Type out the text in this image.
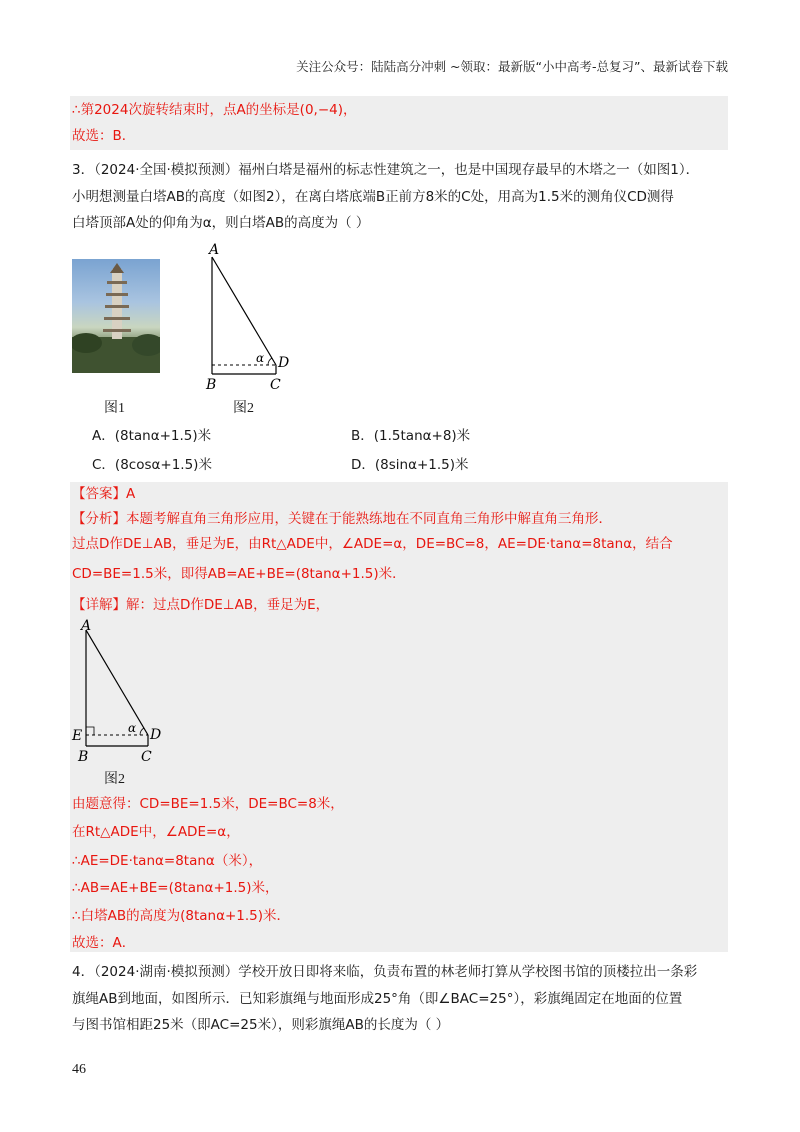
关注公众号：陆陆高分冲刺 ~领取：最新版“小中高考-总复习”、最新试卷下载
∴第2024次旋转结束时，点A的坐标是(0,−4)，
故选：B．
3．（2024·全国·模拟预测）福州白塔是福州的标志性建筑之一，也是中国现存最早的木塔之一（如图1）．
小明想测量白塔AB的高度（如图2），在离白塔底端B正前方8米的C处，用高为1.5米的测角仪CD测得
白塔顶部A处的仰角为α，则白塔AB的高度为（ ）
图1
A
B	C
D
α
图2
A．(8tanα+1.5)米	B．(1.5tanα+8)米
C．(8cosα+1.5)米	D．(8sinα+1.5)米
【答案】A
【分析】本题考解直角三角形应用，关键在于能熟练地在不同直角三角形中解直角三角形．
过点D作DE⊥AB，垂足为E，由Rt△ADE中，∠ADE=α，DE=BC=8，AE=DE·tanα=8tanα，结合
CD=BE=1.5米，即得AB=AE+BE=(8tanα+1.5)米．
【详解】解：过点D作DE⊥AB，垂足为E，
A
E
B	C
D
α
图2
由题意得：CD=BE=1.5米，DE=BC=8米，
在Rt△ADE中，∠ADE=α，
∴AE=DE·tanα=8tanα（米），
∴AB=AE+BE=(8tanα+1.5)米，
∴白塔AB的高度为(8tanα+1.5)米．
故选：A．
4．（2024·湖南·模拟预测）学校开放日即将来临，负责布置的林老师打算从学校图书馆的顶楼拉出一条彩
旗绳AB到地面，如图所示．已知彩旗绳与地面形成25°角（即∠BAC=25°），彩旗绳固定在地面的位置
与图书馆相距25米（即AC=25米），则彩旗绳AB的长度为（ ）
46
